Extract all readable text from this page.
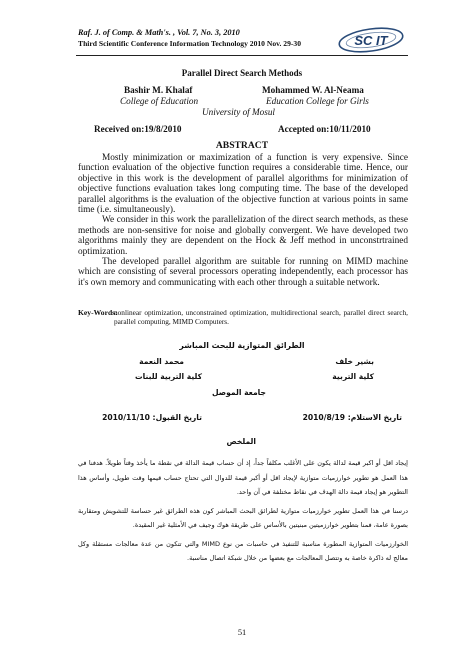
Raf. J. of Comp. & Math's. , Vol. 7, No. 3, 2010
Third Scientific Conference Information Technology 2010 Nov. 29-30	SC IT
Parallel Direct Search Methods
Bashir M. Khalaf
College of Education
Mohammed W. Al-Neama
Education College for Girls
University of Mosul
Received on:19/8/2010	Accepted on:10/11/2010
ABSTRACT

Mostly minimization or maximization of a function is very expensive. Since function evaluation of the objective function requires a considerable time. Hence, our objective in this work is the development of parallel algorithms for minimization of objective functions evaluation takes long computing time. The base of the developed parallel algorithms is the evaluation of the objective function at various points in same time (i.e. simultaneously).

We consider in this work the parallelization of the direct search methods, as these methods are non-sensitive for noise and globally convergent. We have developed two algorithms mainly they are dependent on the Hock & Jeff method in unconstrtrained optimization.

The developed parallel algorithm are suitable for running on MIMD machine which are consisting of several processors operating independently, each processor has it's own memory and communicating with each other through a suitable network.

Key-Words:
nonlinear optimization, unconstrained optimization, multidirectional search, parallel direct search, parallel computing, MIMD Computers.
الطرائق المتوازية للبحث المباشر
بشير خلف
كلية التربية
محمد النعمة
كلية التربية للبنات
جامعة الموصل
تاريخ الاستلام: 2010/8/19
تاريخ القبول: 2010/11/10
الملخص

إيجاد اقل أو اكبر قيمة لدالة يكون على الأغلب مكلفاً جداً، إذ أن حساب قيمة الدالة في نقطة ما يأخذ وقتاً طويلاً. هدفنا في هذا العمل هو تطوير خوارزميات متوازية لإيجاد اقل أو أكبر قيمة للدوال التي تحتاج حساب قيمها وقت طويل، وأساس هذا التطوير هو إيجاد قيمة دالة الهدف في نقاط مختلفة في آن واحد.

درسنا في هذا العمل تطوير خوارزميات متوازية لطرائق البحث المباشر كون هذه الطرائق غير حساسة للتشويش ومتقاربة بصورة عامة، فمنا بتطوير خوارزميتين مبنيتين بالأساس على طريقة هوك وجيف في الأمثلية غير المقيدة.

الخوارزميات المتوازية المطورة مناسبة للتنفيذ في حاسبات من نوع MIMD والتي تتكون من عدة معالجات مستقلة وكل معالج له ذاكرة خاصة به وتتصل المعالجات مع بعضها من خلال شبكة اتصال مناسبة.

51
